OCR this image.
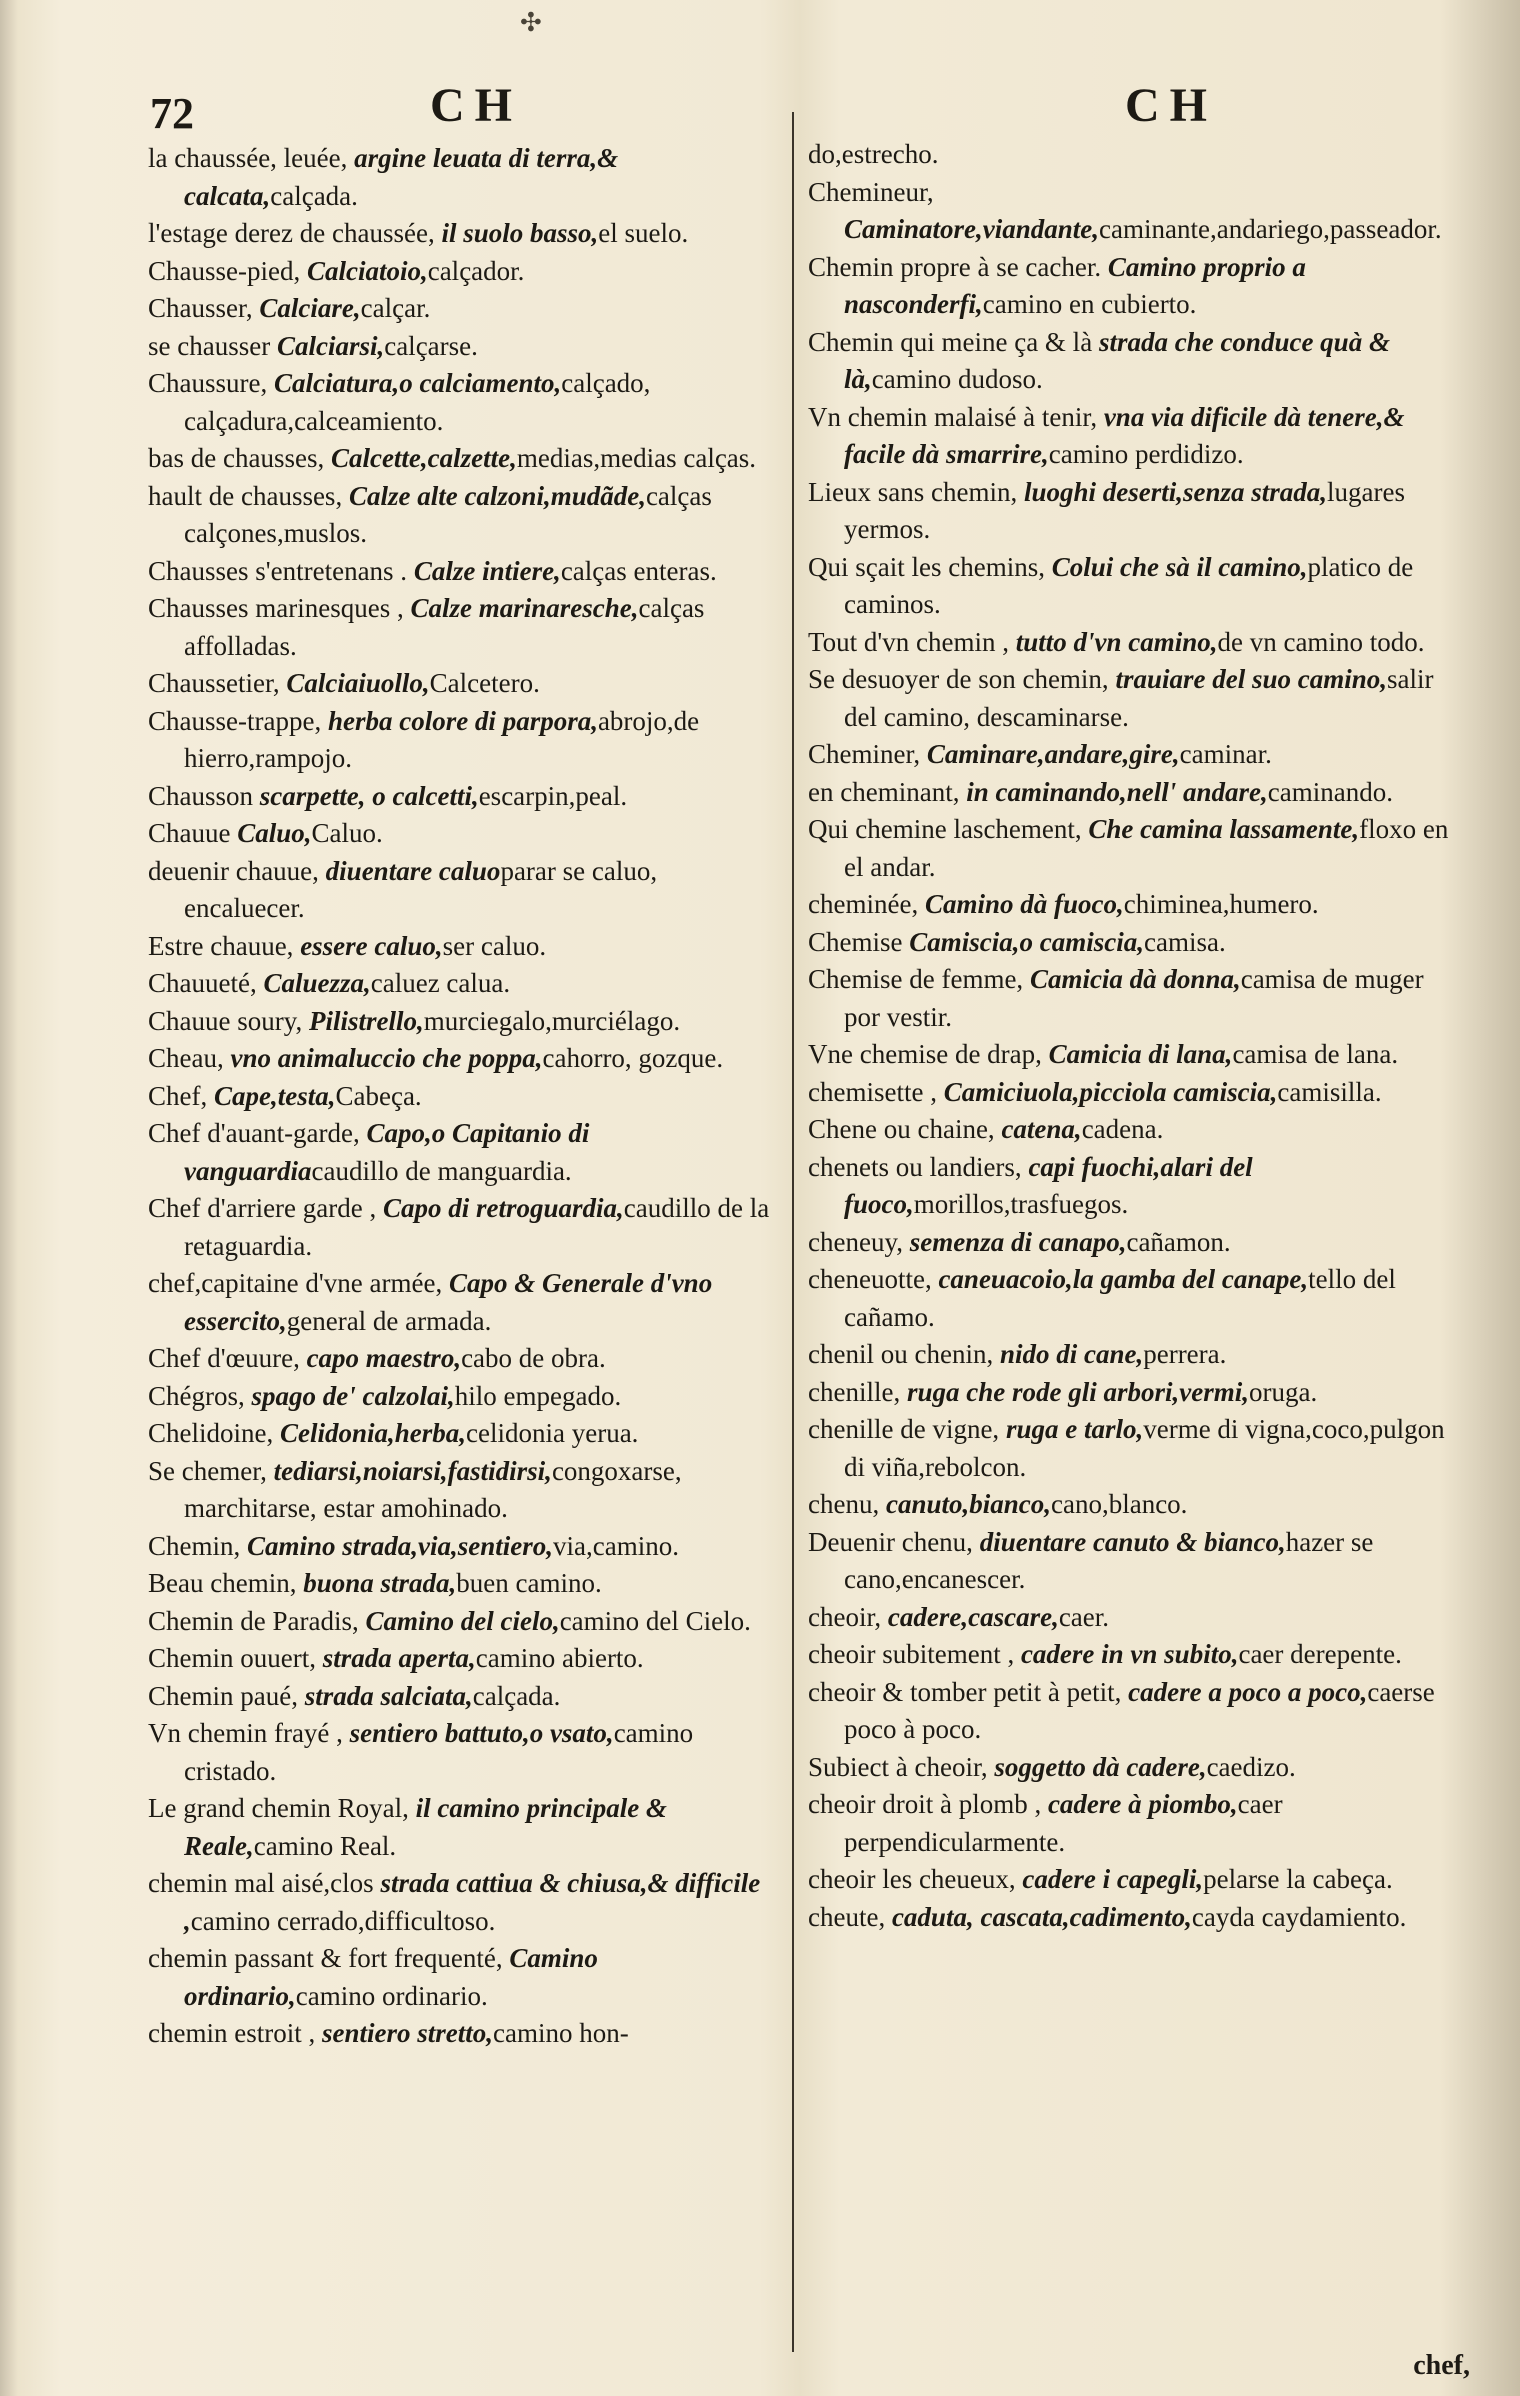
✣
72	CH	CH
la chaussée, leuée, argine leuata di terra,& calcata,calçada.
l'estage derez de chaussée, il suolo basso,el suelo.
Chausse-pied, Calciatoio,calçador.
Chausser, Calciare,calçar.
se chausser Calciarsi,calçarse.
Chaussure, Calciatura,o calciamento,calçado, calçadura,calceamiento.
bas de chausses, Calcette,calzette,medias,medias calças.
hault de chausses, Calze alte calzoni,mudãde,calças calçones,muslos.
Chausses s'entretenans . Calze intiere,calças enteras.
Chausses marinesques , Calze marinaresche,calças affolladas.
Chaussetier, Calciaiuollo,Calcetero.
Chausse-trappe, herba colore di parpora,abrojo,de hierro,rampojo.
Chausson scarpette, o calcetti,escarpin,peal.
Chauue Caluo,Caluo.
deuenir chauue, diuentare caluoparar se caluo, encaluecer.
Estre chauue, essere caluo,ser caluo.
Chauueté, Caluezza,caluez calua.
Chauue soury, Pilistrello,murciegalo,murciélago.
Cheau, vno animaluccio che poppa,cahorro, gozque.
Chef, Cape,testa,Cabeça.
Chef d'auant-garde, Capo,o Capitanio di vanguardiacaudillo de manguardia.
Chef d'arriere garde , Capo di retroguardia,caudillo de la retaguardia.
chef,capitaine d'vne armée, Capo & Generale d'vno essercito,general de armada.
Chef d'œuure, capo maestro,cabo de obra.
Chégros, spago de' calzolai,hilo empegado.
Chelidoine, Celidonia,herba,celidonia yerua.
Se chemer, tediarsi,noiarsi,fastidirsi,congoxarse, marchitarse, estar amohinado.
Chemin, Camino strada,via,sentiero,via,camino.
Beau chemin, buona strada,buen camino.
Chemin de Paradis, Camino del cielo,camino del Cielo.
Chemin ouuert, strada aperta,camino abierto.
Chemin paué, strada salciata,calçada.
Vn chemin frayé , sentiero battuto,o vsato,camino cristado.
Le grand chemin Royal, il camino principale & Reale,camino Real.
chemin mal aisé,clos strada cattiua & chiusa,& difficile ,camino cerrado,difficultoso.
chemin passant & fort frequenté, Camino ordinario,camino ordinario.
chemin estroit , sentiero stretto,camino hon-
do,estrecho.
Chemineur, Caminatore,viandante,caminante,andariego,passeador.
Chemin propre à se cacher. Camino proprio a nasconderfi,camino en cubierto.
Chemin qui meine ça & là strada che conduce quà & là,camino dudoso.
Vn chemin malaisé à tenir, vna via dificile dà tenere,& facile dà smarrire,camino perdidizo.
Lieux sans chemin, luoghi deserti,senza strada,lugares yermos.
Qui sçait les chemins, Colui che sà il camino,platico de caminos.
Tout d'vn chemin , tutto d'vn camino,de vn camino todo.
Se desuoyer de son chemin, trauiare del suo camino,salir del camino, descaminarse.
Cheminer, Caminare,andare,gire,caminar.
en cheminant, in caminando,nell' andare,caminando.
Qui chemine laschement, Che camina lassamente,floxo en el andar.
cheminée, Camino dà fuoco,chiminea,humero.
Chemise Camiscia,o camiscia,camisa.
Chemise de femme, Camicia dà donna,camisa de muger por vestir.
Vne chemise de drap, Camicia di lana,camisa de lana.
chemisette , Camiciuola,picciola camiscia,camisilla.
Chene ou chaine, catena,cadena.
chenets ou landiers, capi fuochi,alari del fuoco,morillos,trasfuegos.
cheneuy, semenza di canapo,cañamon.
cheneuotte, caneuacoio,la gamba del canape,tello del cañamo.
chenil ou chenin, nido di cane,perrera.
chenille, ruga che rode gli arbori,vermi,oruga.
chenille de vigne, ruga e tarlo,verme di vigna,coco,pulgon di viña,rebolcon.
chenu, canuto,bianco,cano,blanco.
Deuenir chenu, diuentare canuto & bianco,hazer se cano,encanescer.
cheoir, cadere,cascare,caer.
cheoir subitement , cadere in vn subito,caer derepente.
cheoir & tomber petit à petit, cadere a poco a poco,caerse poco à poco.
Subiect à cheoir, soggetto dà cadere,caedizo.
cheoir droit à plomb , cadere à piombo,caer perpendicularmente.
cheoir les cheueux, cadere i capegli,pelarse la cabeça.
cheute, caduta, cascata,cadimento,cayda caydamiento.
chef,
